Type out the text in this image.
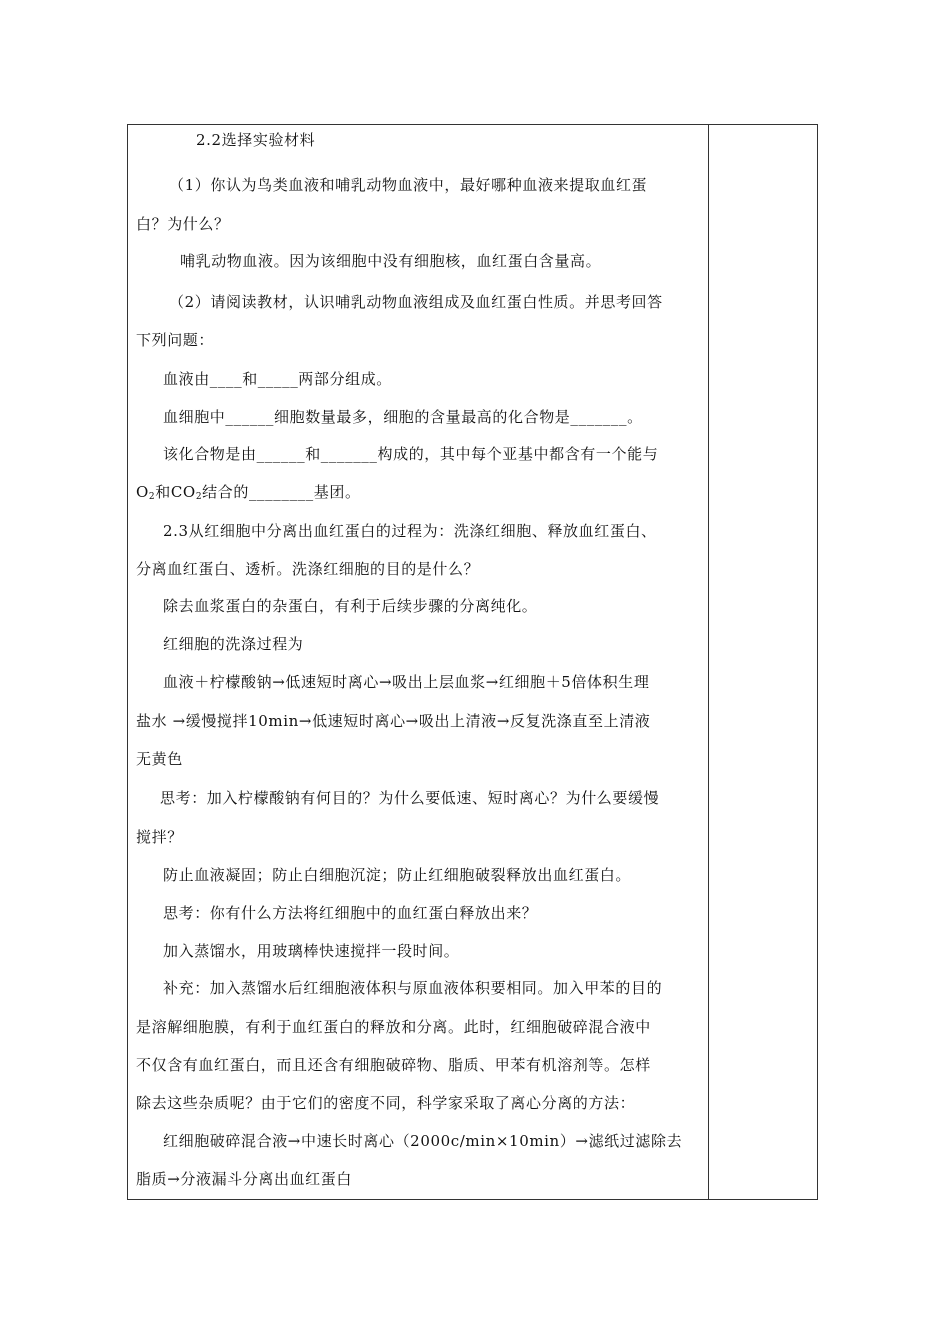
2.2选择实验材料
（1）你认为鸟类血液和哺乳动物血液中，最好哪种血液来提取血红蛋
白？为什么？
哺乳动物血液。因为该细胞中没有细胞核，血红蛋白含量高。
（2）请阅读教材，认识哺乳动物血液组成及血红蛋白性质。并思考回答
下列问题：
血液由____和_____两部分组成。
血细胞中______细胞数量最多，细胞的含量最高的化合物是_______。
该化合物是由______和_______构成的，其中每个亚基中都含有一个能与
$O_2$和$CO_2$结合的________基团。
2.3从红细胞中分离出血红蛋白的过程为：洗涤红细胞、释放血红蛋白、
分离血红蛋白、透析。洗涤红细胞的目的是什么？
除去血浆蛋白的杂蛋白，有利于后续步骤的分离纯化。
红细胞的洗涤过程为
血液＋柠檬酸钠→低速短时离心→吸出上层血浆→红细胞＋5倍体积生理
盐水 →缓慢搅拌10min→低速短时离心→吸出上清液→反复洗涤直至上清液
无黄色
思考：加入柠檬酸钠有何目的？为什么要低速、短时离心？为什么要缓慢
搅拌？
防止血液凝固；防止白细胞沉淀；防止红细胞破裂释放出血红蛋白。
思考：你有什么方法将红细胞中的血红蛋白释放出来？
加入蒸馏水，用玻璃棒快速搅拌一段时间。
补充：加入蒸馏水后红细胞液体积与原血液体积要相同。加入甲苯的目的
是溶解细胞膜，有利于血红蛋白的释放和分离。此时，红细胞破碎混合液中
不仅含有血红蛋白，而且还含有细胞破碎物、脂质、甲苯有机溶剂等。怎样
除去这些杂质呢？由于它们的密度不同，科学家采取了离心分离的方法：
红细胞破碎混合液→中速长时离心（2000c/min×10min）→滤纸过滤除去
脂质→分液漏斗分离出血红蛋白
